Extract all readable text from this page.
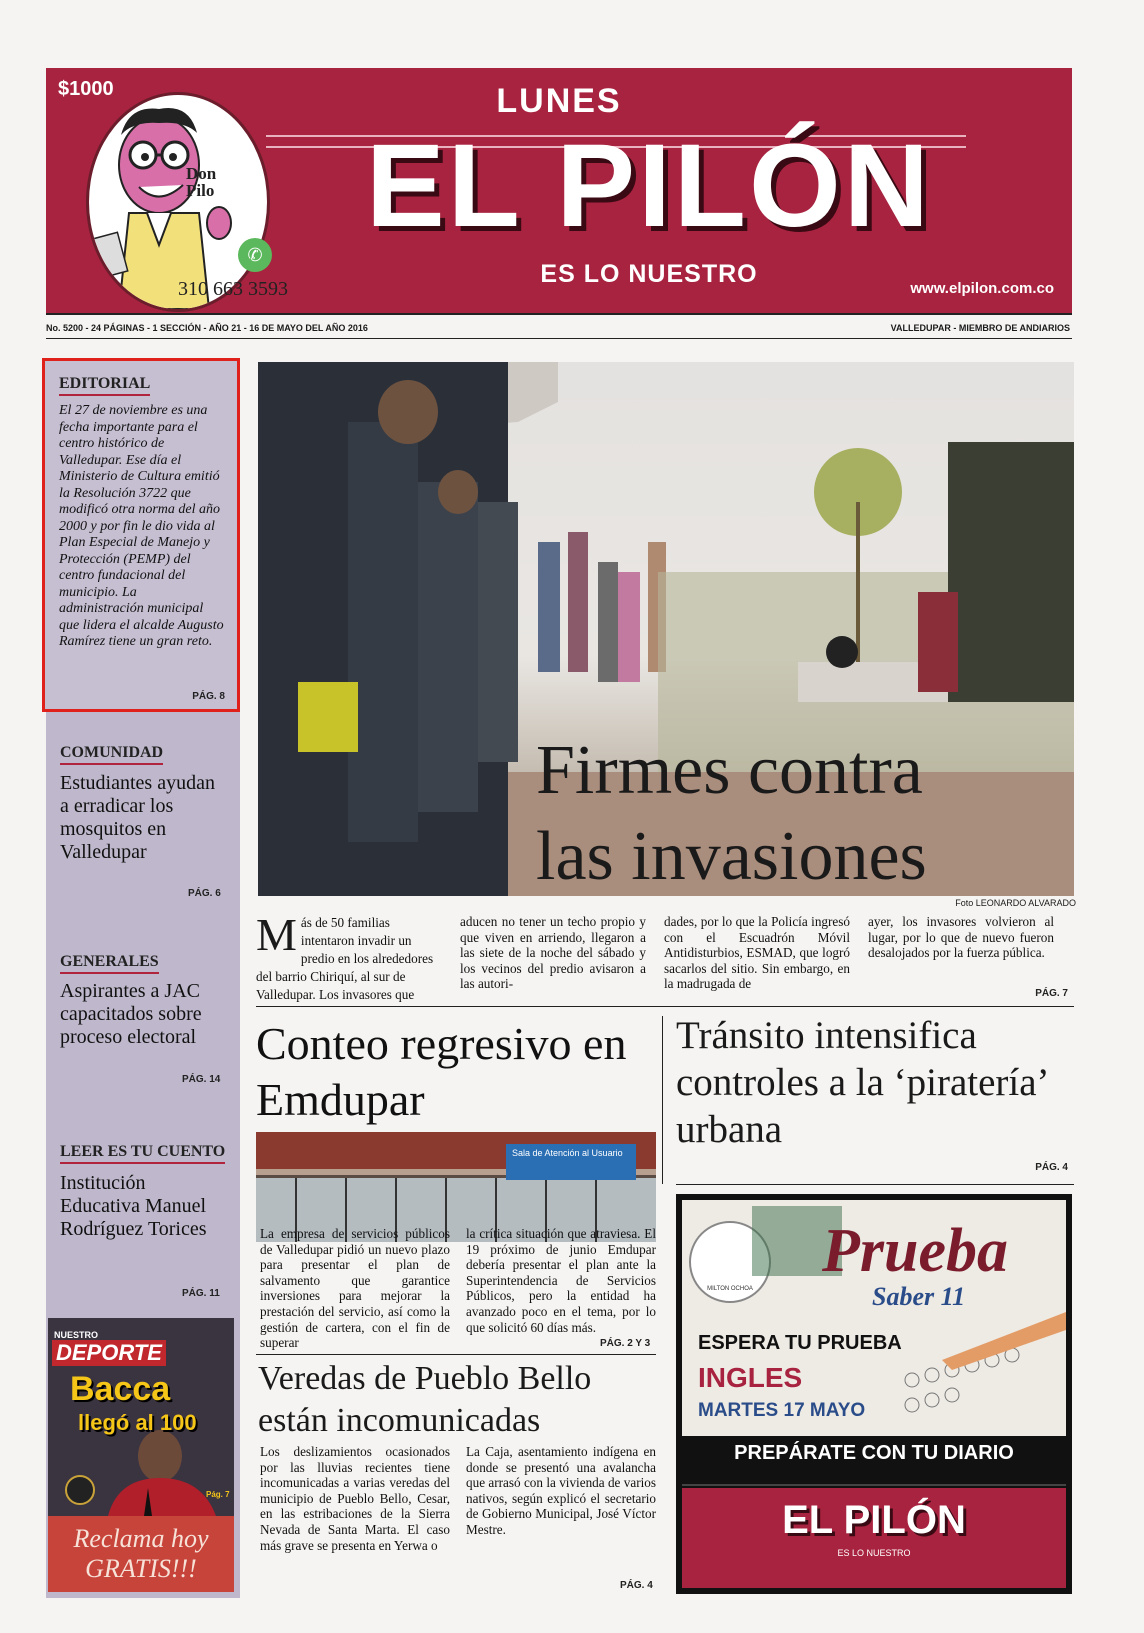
$1000	LUNES
EL PILÓN
ES LO NUESTRO
www.elpilon.com.co
Don Pilo
✆
310 663 3593
No. 5200 - 24 PÁGINAS - 1 SECCIÓN - AÑO 21 - 16 DE MAYO DEL AÑO 2016	VALLEDUPAR - MIEMBRO DE ANDIARIOS
EDITORIAL
El 27 de noviembre es una fecha importante para el centro histórico de Valledupar. Ese día el Ministerio de Cultura emitió la Resolución 3722 que modificó otra norma del año 2000 y por fin le dio vida al Plan Especial de Manejo y Protección (PEMP) del centro fundacional del municipio. La administración municipal que lidera el alcalde Augusto Ramírez tiene un gran reto.
PÁG. 8
COMUNIDAD
Estudiantes ayudan a erradicar los mosquitos en Valledupar
PÁG. 6
GENERALES
Aspirantes a JAC capacitados sobre proceso electoral
PÁG. 14
LEER ES TU CUENTO
Institución Educativa Manuel Rodríguez Torices
PÁG. 11
NUESTRO
DEPORTE
Bacca
llegó al 100
Pág. 7
Reclama hoy GRATIS!!!
Firmes contra
las invasiones
Foto LEONARDO ALVARADO
M ás de 50 familias intentaron invadir un predio en los alrededores del barrio Chiriquí, al sur de Valledupar. Los invasores que
aducen no tener un techo propio y que viven en arriendo, llegaron a las siete de la noche del sábado y los vecinos del predio avisaron a las autori-
dades, por lo que la Policía ingresó con el Escuadrón Móvil Antidisturbios, ESMAD, que logró sacarlos del sitio. Sin embargo, en la madrugada de
ayer, los invasores volvieron al lugar, por lo que de nuevo fueron desalojados por la fuerza pública.
PÁG. 7
Conteo regresivo en Emdupar
Sala de Atención al Usuario
La empresa de servicios públicos de Valledupar pidió un nuevo plazo para presentar el plan de salvamento que garantice inversiones para mejorar la prestación del servicio, así como la gestión de cartera, con el fin de superar
la crítica situación que atraviesa. El 19 próximo de junio Emdupar debería presentar el plan ante la Superintendencia de Servicios Públicos, pero la entidad ha avanzado poco en el tema, por lo que solicitó 60 días más.
PÁG. 2 Y 3
Tránsito intensifica controles a la ‘piratería’ urbana
PÁG. 4
Veredas de Pueblo Bello están incomunicadas
Los deslizamientos ocasionados por las lluvias recientes tiene incomunicadas a varias veredas del municipio de Pueblo Bello, Cesar, en las estribaciones de la Sierra Nevada de Santa Marta. El caso más grave se presenta en Yerwa o
La Caja, asentamiento indígena en donde se presentó una avalancha que arrasó con la vivienda de varios nativos, según explicó el secretario de Gobierno Municipal, José Víctor Mestre.
PÁG. 4
MILTON OCHOA
Prueba
Saber 11
ESPERA TU PRUEBA
INGLES
MARTES 17 MAYO
PREPÁRATE CON TU DIARIO
EL PILÓN
ES LO NUESTRO
